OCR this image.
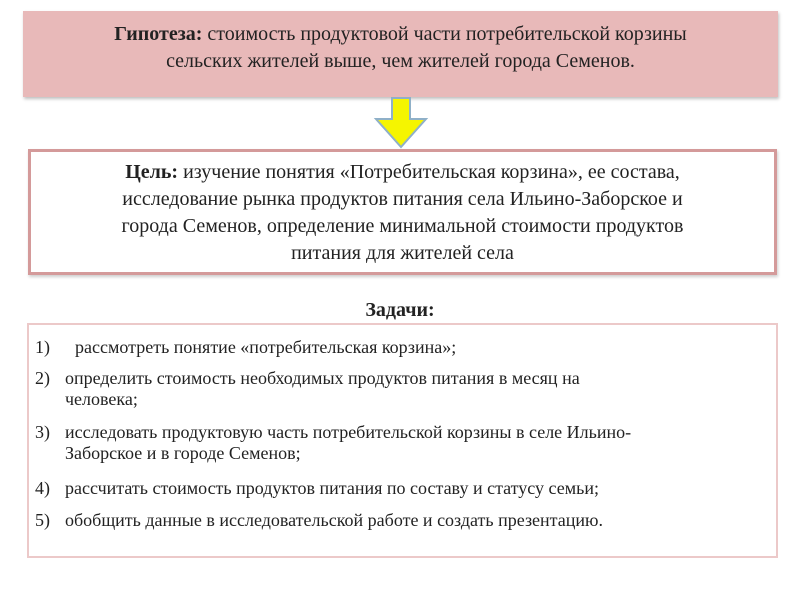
Гипотеза: стоимость продуктовой части потребительской корзины
сельских жителей выше, чем жителей города Семенов.
Цель: изучение понятия «Потребительская корзина», ее состава,
исследование рынка продуктов питания села Ильино-Заборское и
города Семенов, определение минимальной стоимости продуктов
питания для жителей села
Задачи:
1)	рассмотреть понятие «потребительская корзина»;
2) определить стоимость необходимых продуктов питания в месяц на
человека;
3) исследовать продуктовую часть потребительской корзины в селе Ильино-
Заборское и в городе Семенов;
4) рассчитать стоимость продуктов питания по составу и статусу семьи;
5) обобщить данные в исследовательской работе и создать презентацию.
